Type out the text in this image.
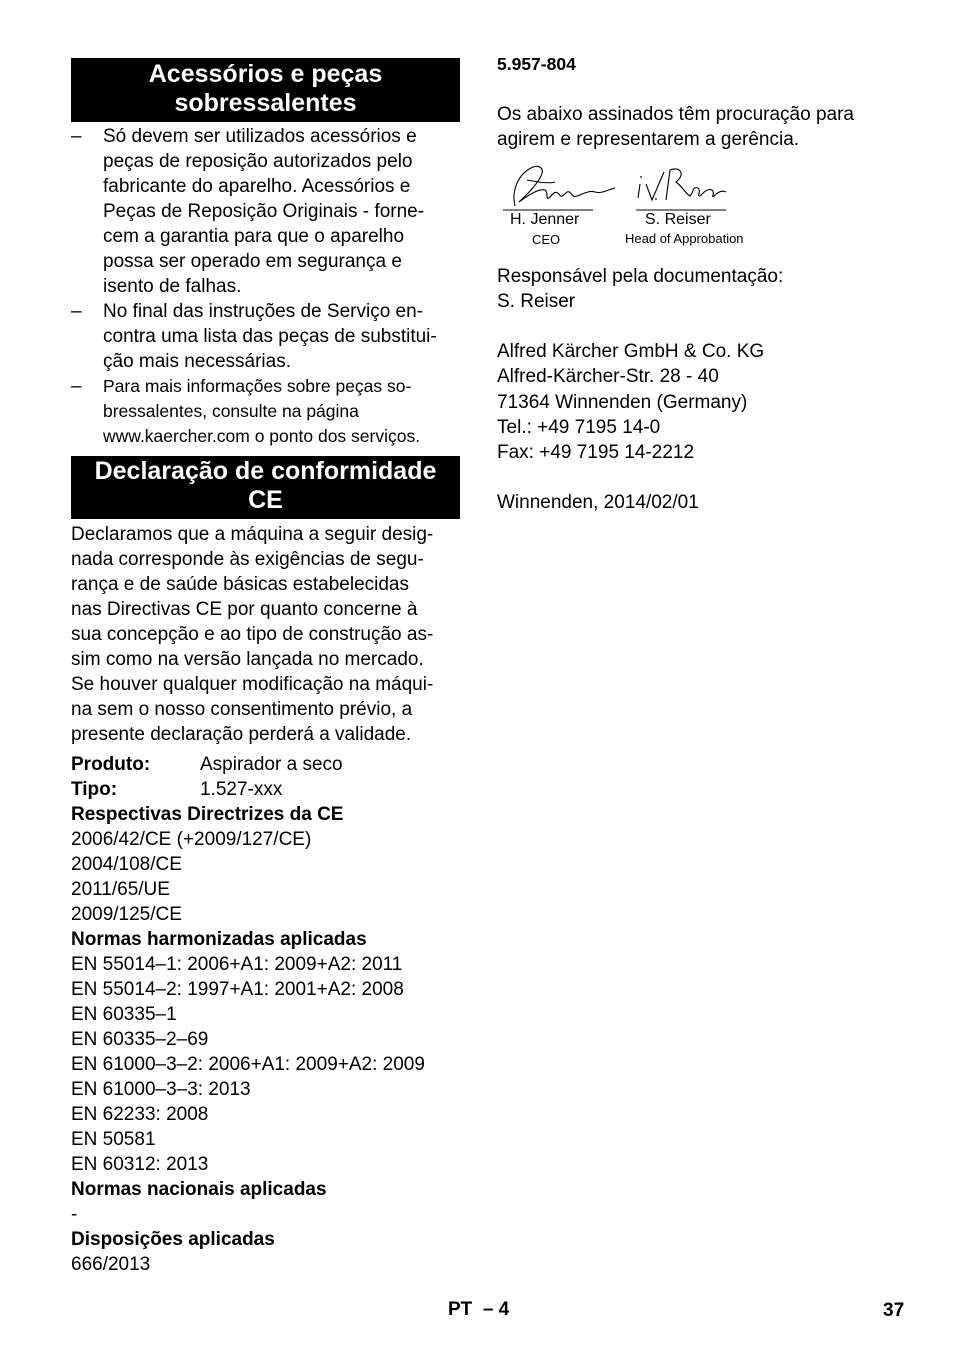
Acessórios e peças
sobressalentes
– Só devem ser utilizados acessórios e
peças de reposição autorizados pelo
fabricante do aparelho. Acessórios e
Peças de Reposição Originais - forne-
cem a garantia para que o aparelho
possa ser operado em segurança e
isento de falhas.
– No final das instruções de Serviço en-
contra uma lista das peças de substitui-
ção mais necessárias.
– Para mais informações sobre peças so-
bressalentes, consulte na página
www.kaercher.com o ponto dos serviços.
Declaração de conformidade
CE
Declaramos que a máquina a seguir desig-
nada corresponde às exigências de segu-
rança e de saúde básicas estabelecidas
nas Directivas CE por quanto concerne à
sua concepção e ao tipo de construção as-
sim como na versão lançada no mercado.
Se houver qualquer modificação na máqui-
na sem o nosso consentimento prévio, a
presente declaração perderá a validade.
Produto:	Aspirador a seco
Tipo:	1.527-xxx
Respectivas Directrizes da CE
2006/42/CE (+2009/127/CE)
2004/108/CE
2011/65/UE
2009/125/CE
Normas harmonizadas aplicadas
EN 55014–1: 2006+A1: 2009+A2: 2011
EN 55014–2: 1997+A1: 2001+A2: 2008
EN 60335–1
EN 60335–2–69
EN 61000–3–2: 2006+A1: 2009+A2: 2009
EN 61000–3–3: 2013
EN 62233: 2008
EN 50581
EN 60312: 2013
Normas nacionais aplicadas
-
Disposições aplicadas
666/2013
5.957-804
Os abaixo assinados têm procuração para
agirem e representarem a gerência.
H. Jenner
CEO
S. Reiser
Head of Approbation
Responsável pela documentação:
S. Reiser
Alfred Kärcher GmbH & Co. KG
Alfred-Kärcher-Str. 28 - 40
71364 Winnenden (Germany)
Tel.: +49 7195 14-0
Fax: +49 7195 14-2212
Winnenden, 2014/02/01
PT  – 4	37
